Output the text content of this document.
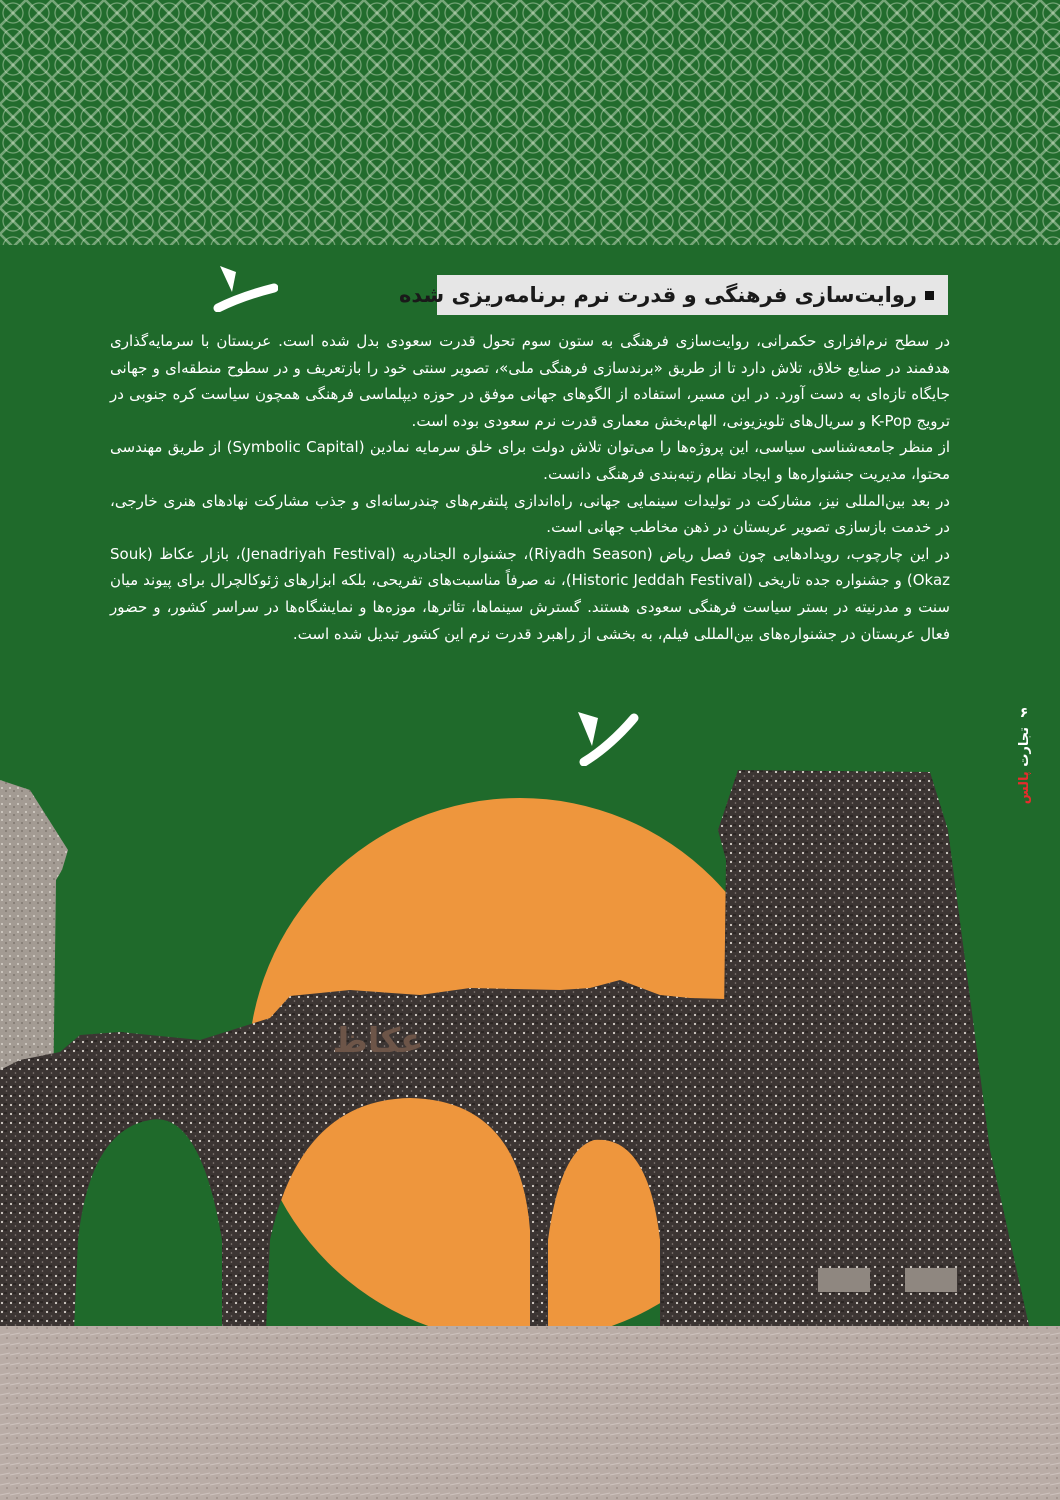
روایت‌سازی فرهنگی و قدرت نرم برنامه‌ریزی شده

در سطح نرم‌افزاری حکمرانی، روایت‌سازی فرهنگی به ستون سوم تحول قدرت سعودی بدل شده است. عربستان با سرمایه‌گذاری هدفمند در صنایع خلاق، تلاش دارد تا از طریق «برندسازی فرهنگی ملی»، تصویر سنتی خود را بازتعریف و در سطوح منطقه‌ای و جهانی جایگاه تازه‌ای به دست آورد. در این مسیر، استفاده از الگوهای جهانی موفق در حوزه دیپلماسی فرهنگی همچون سیاست کره جنوبی در ترویج K-Pop و سریال‌های تلویزیونی، الهام‌بخش معماری قدرت نرم سعودی بوده است.

از منظر جامعه‌شناسی سیاسی، این پروژه‌ها را می‌توان تلاش دولت برای خلق سرمایه نمادین (Symbolic Capital) از طریق مهندسی محتوا، مدیریت جشنواره‌ها و ایجاد نظام رتبه‌بندی فرهنگی دانست.

در بعد بین‌المللی نیز، مشارکت در تولیدات سینمایی جهانی، راه‌اندازی پلتفرم‌های چندرسانه‌ای و جذب مشارکت نهادهای هنری خارجی، در خدمت بازسازی تصویر عربستان در ذهن مخاطب جهانی است.

در این چارچوب، رویدادهایی چون فصل ریاض (Riyadh Season)، جشنواره الجنادریه (Jenadriyah Festival)، بازار عکاظ (Souk Okaz) و جشنواره جده تاریخی (Historic Jeddah Festival)، نه صرفاً مناسبت‌های تفریحی، بلکه ابزارهای ژئوکالچرال برای پیوند میان سنت و مدرنیته در بستر سیاست فرهنگی سعودی هستند. گسترش سینماها، تئاترها، موزه‌ها و نمایشگاه‌ها در سراسر کشور، و حضور فعال عربستان در جشنواره‌های بین‌المللی فیلم، به بخشی از راهبرد قدرت نرم این کشور تبدیل شده است.

۶
تجارت پالس
عكاظ
